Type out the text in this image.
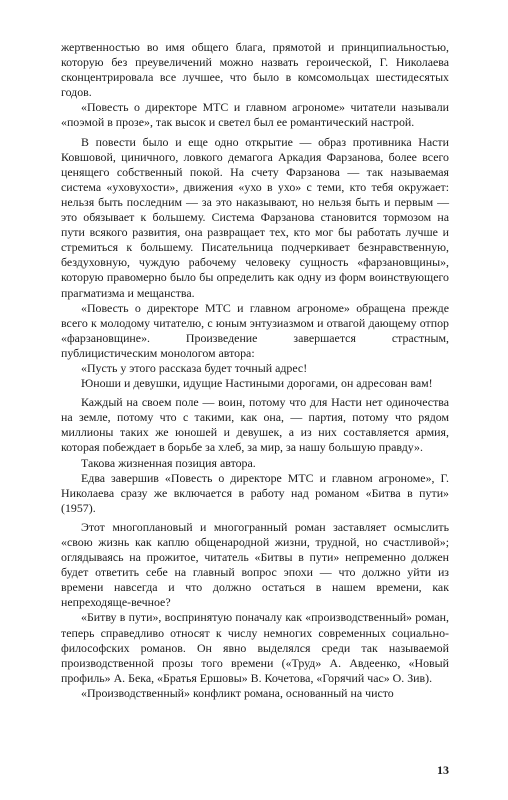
жертвенностью во имя общего блага, прямотой и принципиальностью, которую без преувеличений можно назвать героической, Г. Николаева сконцентрировала все лучшее, что было в комсомольцах шестидесятых годов.

«Повесть о директоре МТС и главном агрономе» читатели называли «поэмой в прозе», так высок и светел был ее романтический настрой.

В повести было и еще одно открытие — образ противника Насти Ковшовой, циничного, ловкого демагога Аркадия Фарзанова, более всего ценящего собственный покой. На счету Фарзанова — так называемая система «уховухости», движения «ухо в ухо» с теми, кто тебя окружает: нельзя быть последним — за это наказывают, но нельзя быть и первым — это обязывает к большему. Система Фарзанова становится тормозом на пути всякого развития, она развращает тех, кто мог бы работать лучше и стремиться к большему. Писательница подчеркивает безнравственную, бездуховную, чуждую рабочему человеку сущность «фарзановщины», которую правомерно было бы определить как одну из форм воинствующего прагматизма и мещанства.

«Повесть о директоре МТС и главном агрономе» обращена прежде всего к молодому читателю, с юным энтузиазмом и отвагой дающему отпор «фарзановщине». Произведение завершается страстным, публицистическим монологом автора:

«Пусть у этого рассказа будет точный адрес!

Юноши и девушки, идущие Настиными дорогами, он адресован вам!

Каждый на своем поле — воин, потому что для Насти нет одиночества на земле, потому что с такими, как она, — партия, потому что рядом миллионы таких же юношей и девушек, а из них составляется армия, которая побеждает в борьбе за хлеб, за мир, за нашу большую правду».

Такова жизненная позиция автора.

Едва завершив «Повесть о директоре МТС и главном агрономе», Г. Николаева сразу же включается в работу над романом «Битва в пути» (1957).

Этот многоплановый и многогранный роман заставляет осмыслить «свою жизнь как каплю общенародной жизни, трудной, но счастливой»; оглядываясь на прожитое, читатель «Битвы в пути» непременно должен будет ответить себе на главный вопрос эпохи — что должно уйти из времени навсегда и что должно остаться в нашем времени, как непреходяще-вечное?

«Битву в пути», воспринятую поначалу как «производственный» роман, теперь справедливо относят к числу немногих современных социально-философских романов. Он явно выделялся среди так называемой производственной прозы того времени («Труд» А. Авдеенко, «Новый профиль» А. Бека, «Братья Ершовы» В. Кочетова, «Горячий час» О. Зив).

«Производственный» конфликт романа, основанный на чисто

13
